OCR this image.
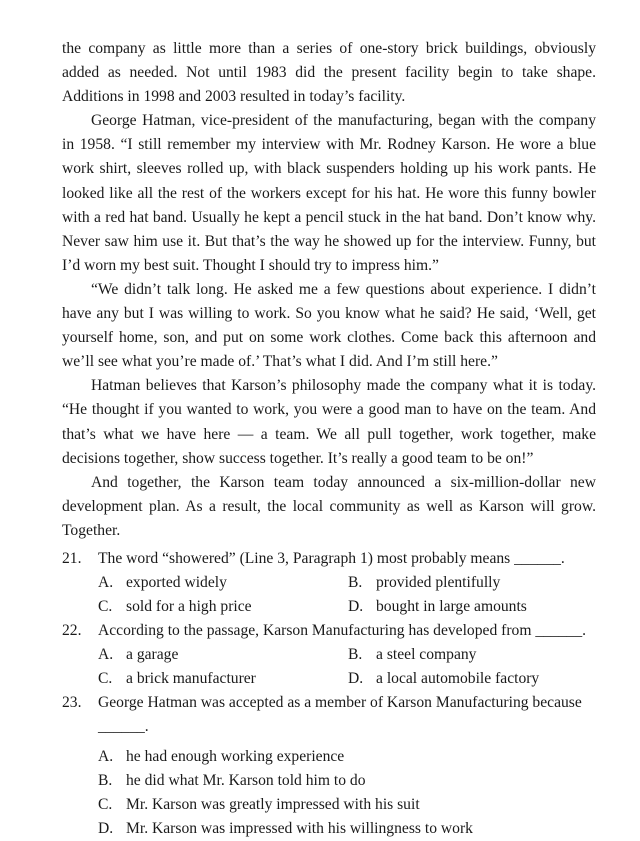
the company as little more than a series of one-story brick buildings, obviously added as needed. Not until 1983 did the present facility begin to take shape. Additions in 1998 and 2003 resulted in today’s facility.

George Hatman, vice-president of the manufacturing, began with the company in 1958. “I still remember my interview with Mr. Rodney Karson. He wore a blue work shirt, sleeves rolled up, with black suspenders holding up his work pants. He looked like all the rest of the workers except for his hat. He wore this funny bowler with a red hat band. Usually he kept a pencil stuck in the hat band. Don’t know why. Never saw him use it. But that’s the way he showed up for the interview. Funny, but I’d worn my best suit. Thought I should try to impress him.”

“We didn’t talk long. He asked me a few questions about experience. I didn’t have any but I was willing to work. So you know what he said? He said, ‘Well, get yourself home, son, and put on some work clothes. Come back this afternoon and we’ll see what you’re made of.’ That’s what I did. And I’m still here.”

Hatman believes that Karson’s philosophy made the company what it is today. “He thought if you wanted to work, you were a good man to have on the team. And that’s what we have here — a team. We all pull together, work together, make decisions together, show success together. It’s really a good team to be on!”

And together, the Karson team today announced a six-million-dollar new development plan. As a result, the local community as well as Karson will grow. Together.

21. The word “showered” (Line 3, Paragraph 1) most probably means ______.
A. exported widely	B. provided plentifully
C. sold for a high price	D. bought in large amounts
22. According to the passage, Karson Manufacturing has developed from ______.
A. a garage	B. a steel company
C. a brick manufacturer	D. a local automobile factory
23. George Hatman was accepted as a member of Karson Manufacturing because
______.
A. he had enough working experience
B. he did what Mr. Karson told him to do
C. Mr. Karson was greatly impressed with his suit
D. Mr. Karson was impressed with his willingness to work
